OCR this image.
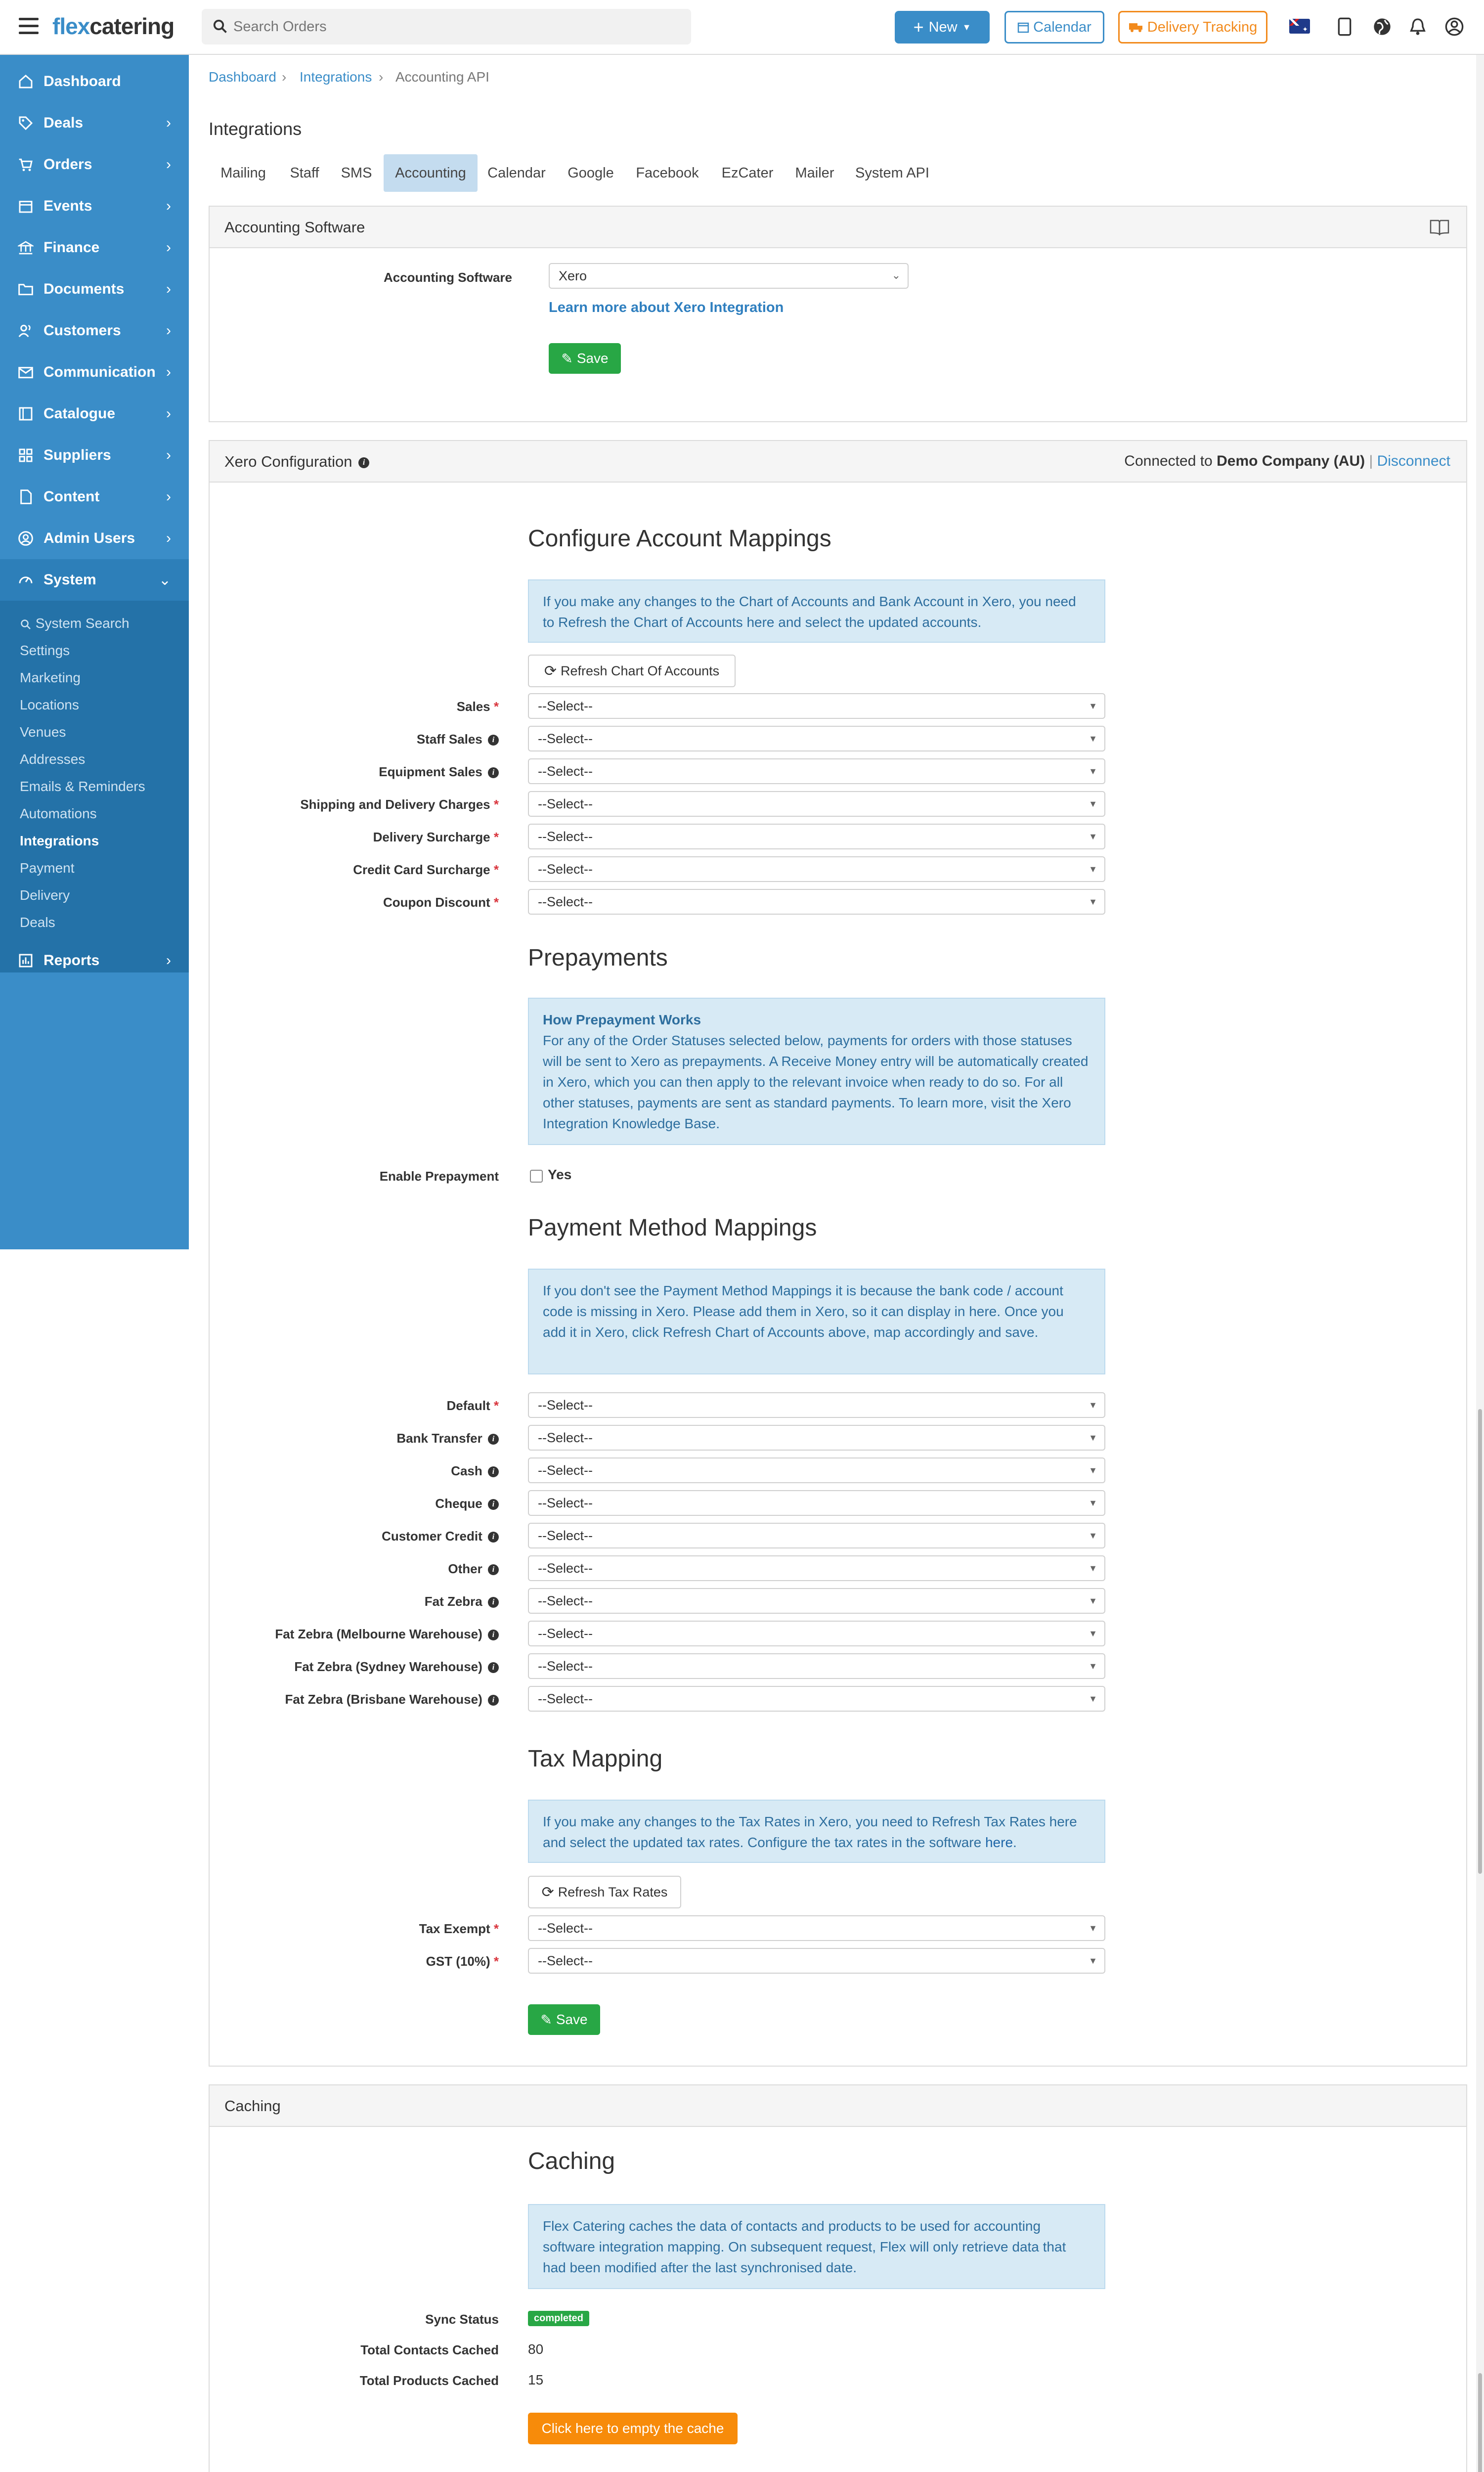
flexcatering
Search Orders	+ New ▼	Calendar	Delivery Tracking
✦
Dashboard
Deals	›
Orders	›
Events	›
Finance	›
Documents	›
Customers	›
Communication ›
Catalogue	›
Suppliers	›
Content	›
Admin Users ›
System	⌄
System Search
Settings
Marketing
Locations
Venues
Addresses
Emails & Reminders
Automations
Integrations
Payment
Delivery
Deals
Reports	›
Dashboard › Integrations › Accounting API
Integrations
Mailing	Staff	SMS	Accounting	Calendar Google Facebook	EzCater	Mailer	System API
Accounting Software
Accounting Software	Xero	⌄
Learn more about Xero Integration
✎ Save
Xero Configuration i	Connected to Demo Company (AU) | Disconnect
Configure Account Mappings
If you make any changes to the Chart of Accounts and Bank Account in Xero, you need to Refresh the Chart of Accounts here and select the updated accounts.
⟳ Refresh Chart Of Accounts
Sales *	--Select--	▼
Staff Sales i	--Select--	▼
Equipment Sales i	--Select--	▼
Shipping and Delivery Charges *	--Select--	▼
Delivery Surcharge *	--Select--	▼
Credit Card Surcharge *	--Select--	▼
Coupon Discount *	--Select--	▼
Prepayments
How Prepayment Works
For any of the Order Statuses selected below, payments for orders with those statuses will be sent to Xero as prepayments. A Receive Money entry will be automatically created in Xero, which you can then apply to the relevant invoice when ready to do so. For all other statuses, payments are sent as standard payments. To learn more, visit the Xero Integration Knowledge Base.
Enable Prepayment	Yes
Payment Method Mappings
If you don't see the Payment Method Mappings it is because the bank code / account code is missing in Xero. Please add them in Xero, so it can display in here. Once you add it in Xero, click Refresh Chart of Accounts above, map accordingly and save.
Default *	--Select--	▼
Bank Transfer i	--Select--	▼
Cash i	--Select--	▼
Cheque i	--Select--	▼
Customer Credit i	--Select--	▼
Other i	--Select--	▼
Fat Zebra i	--Select--	▼
Fat Zebra (Melbourne Warehouse) i	--Select--	▼
Fat Zebra (Sydney Warehouse) i	--Select--	▼
Fat Zebra (Brisbane Warehouse) i	--Select--	▼
Tax Mapping
If you make any changes to the Tax Rates in Xero, you need to Refresh Tax Rates here and select the updated tax rates. Configure the tax rates in the software here.
⟳ Refresh Tax Rates
Tax Exempt *	--Select--	▼
GST (10%) *	--Select--	▼
✎ Save
Caching
Caching
Flex Catering caches the data of contacts and products to be used for accounting software integration mapping. On subsequent request, Flex will only retrieve data that had been modified after the last synchronised date.
Sync Status	completed
Total Contacts Cached 80
Total Products Cached 15
Click here to empty the cache
